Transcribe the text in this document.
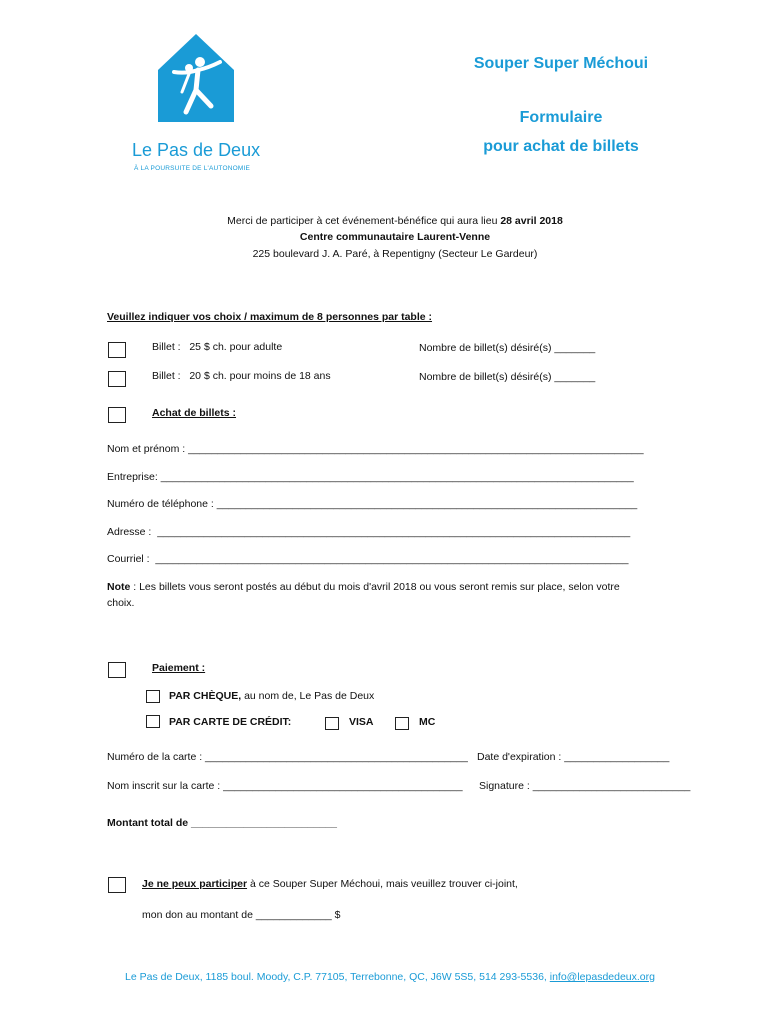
Le Pas de Deux
À LA POURSUITE DE L'AUTONOMIE
Souper Super Méchoui
Formulaire
pour achat de billets
Merci de participer à cet événement-bénéfice qui aura lieu 28 avril 2018
Centre communautaire Laurent-Venne
225 boulevard J. A. Paré, à Repentigny (Secteur Le Gardeur)
Veuillez indiquer vos choix / maximum de 8 personnes par table :
Billet :   25 $ ch. pour adulte	Nombre de billet(s) désiré(s) _______
Billet :   20 $ ch. pour moins de 18 ans	Nombre de billet(s) désiré(s) _______
Achat de billets :
Nom et prénom : ______________________________________________________________________________
Entreprise: _________________________________________________________________________________
Numéro de téléphone : ________________________________________________________________________
Adresse :  _________________________________________________________________________________
Courriel :  _________________________________________________________________________________
Note : Les billets vous seront postés au début du mois d'avril 2018 ou vous seront remis sur place, selon votre
choix.
Paiement :
PAR CHÈQUE, au nom de, Le Pas de Deux
PAR CARTE DE CRÉDIT:	VISA	MC
Numéro de la carte : _____________________________________________ Date d'expiration : __________________
Nom inscrit sur la carte : _________________________________________ Signature : ___________________________
Montant total de _________________________
Je ne peux participer à ce Souper Super Méchoui, mais veuillez trouver ci-joint,
mon don au montant de _____________ $
Le Pas de Deux, 1185 boul. Moody, C.P. 77105, Terrebonne, QC, J6W 5S5, 514 293-5536, info@lepasdedeux.org
